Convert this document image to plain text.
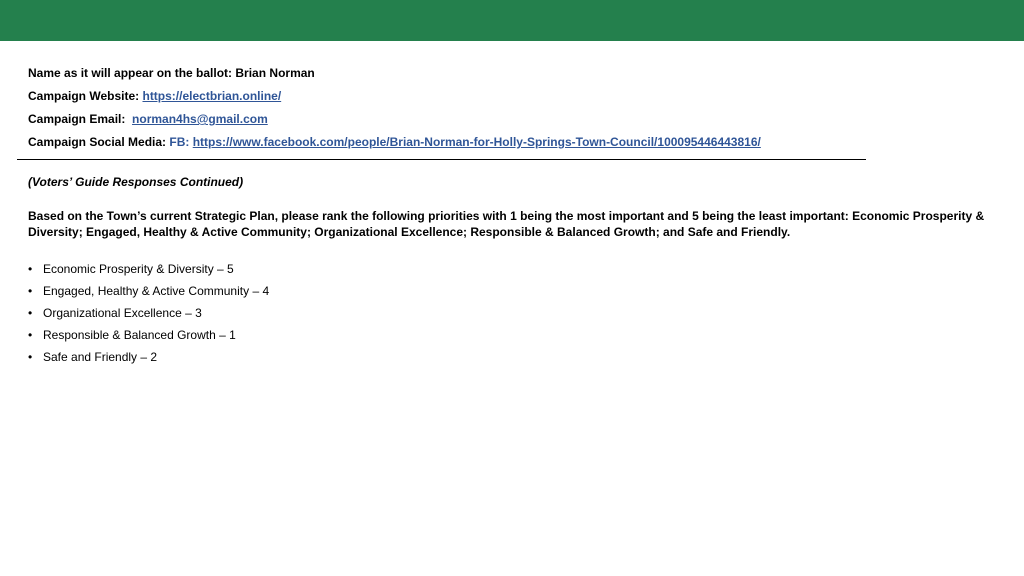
Name as it will appear on the ballot: Brian Norman
Campaign Website: https://electbrian.online/
Campaign Email: norman4hs@gmail.com
Campaign Social Media: FB: https://www.facebook.com/people/Brian-Norman-for-Holly-Springs-Town-Council/100095446443816/
(Voters’ Guide Responses Continued)
Based on the Town’s current Strategic Plan, please rank the following priorities with 1 being the most important and 5 being the least important: Economic Prosperity & Diversity; Engaged, Healthy & Active Community; Organizational Excellence; Responsible & Balanced Growth; and Safe and Friendly.
• Economic Prosperity & Diversity – 5
• Engaged, Healthy & Active Community – 4
• Organizational Excellence – 3
• Responsible & Balanced Growth – 1
• Safe and Friendly – 2
